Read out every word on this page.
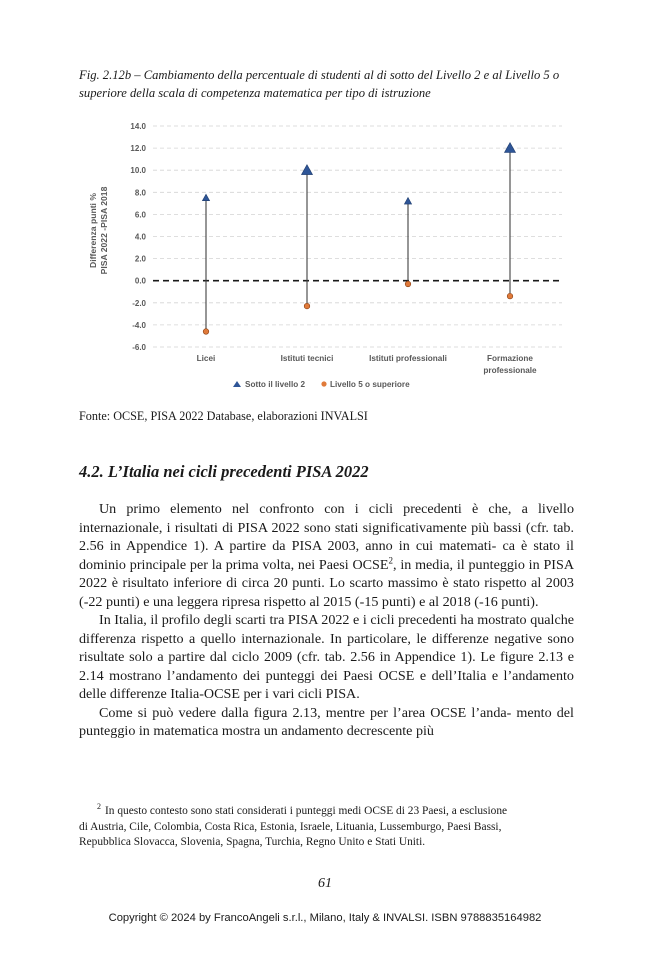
Fig. 2.12b – Cambiamento della percentuale di studenti al di sotto del Livello 2 e al Livello 5 o superiore della scala di competenza matematica per tipo di istruzione
Differenza punti % PISA 2022 -PISA 2018
14.0
12.0
10.0
8.0
6.0
4.0
2.0
0.0
-2.0
-4.0
-6.0
Licei	Istituti tecnici	Istituti professionali	Formazione
professionale
Sotto il livello 2	Livello 5 o superiore
Fonte: OCSE, PISA 2022 Database, elaborazioni INVALSI
4.2. L’Italia nei cicli precedenti PISA 2022

Un primo elemento nel confronto con i cicli precedenti è che, a livello internazionale, i risultati di PISA 2022 sono stati significativamente più bassi (cfr. tab. 2.56 in Appendice 1). A partire da PISA 2003, anno in cui matemati- ca è stato il dominio principale per la prima volta, nei Paesi OCSE$^2$, in media, il punteggio in PISA 2022 è risultato inferiore di circa 20 punti. Lo scarto massimo è stato rispetto al 2003 (-22 punti) e una leggera ripresa rispetto al 2015 (-15 punti) e al 2018 (-16 punti).

In Italia, il profilo degli scarti tra PISA 2022 e i cicli precedenti ha mostrato qualche differenza rispetto a quello internazionale. In particolare, le differenze negative sono risultate solo a partire dal ciclo 2009 (cfr. tab. 2.56 in Appendice 1). Le figure 2.13 e 2.14 mostrano l’andamento dei punteggi dei Paesi OCSE e dell’Italia e l’andamento delle differenze Italia-OCSE per i vari cicli PISA.

Come si può vedere dalla figura 2.13, mentre per l’area OCSE l’anda- mento del punteggio in matematica mostra un andamento decrescente più

$^2$ In questo contesto sono stati considerati i punteggi medi OCSE di 23 Paesi, a esclusione
di Austria, Cile, Colombia, Costa Rica, Estonia, Israele, Lituania, Lussemburgo, Paesi Bassi,
Repubblica Slovacca, Slovenia, Spagna, Turchia, Regno Unito e Stati Uniti.
61
Copyright © 2024 by FrancoAngeli s.r.l., Milano, Italy & INVALSI. ISBN 9788835164982
